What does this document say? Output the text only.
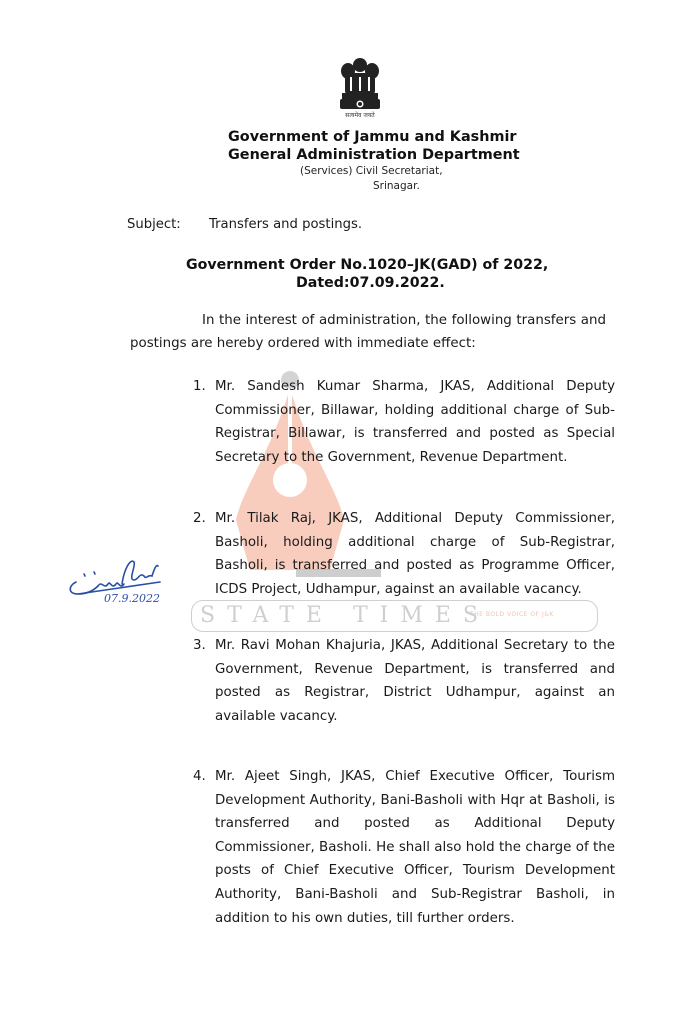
STATE TIMES
THE BOLD VOICE OF J&K
सत्यमेव जयते
Government of Jammu and Kashmir
General Administration Department
(Services) Civil Secretariat,
Srinagar.
Subject: Transfers and postings.
Government Order No.1020–JK(GAD) of 2022,
Dated:07.09.2022.
In the interest of administration, the following transfers and postings are hereby ordered with immediate effect:
1. Mr. Sandesh Kumar Sharma, JKAS, Additional Deputy Commissioner, Billawar, holding additional charge of Sub-Registrar, Billawar, is transferred and posted as Special Secretary to the Government, Revenue Department.
2. Mr. Tilak Raj, JKAS, Additional Deputy Commissioner, Basholi, holding additional charge of Sub-Registrar, Basholi, is transferred and posted as Programme Officer, ICDS Project, Udhampur, against an available vacancy.
3. Mr. Ravi Mohan Khajuria, JKAS, Additional Secretary to the Government, Revenue Department, is transferred and posted as Registrar, District Udhampur, against an available vacancy.
4. Mr. Ajeet Singh, JKAS, Chief Executive Officer, Tourism Development Authority, Bani-Basholi with Hqr at Basholi, is transferred and posted as Additional Deputy Commissioner, Basholi. He shall also hold the charge of the posts of Chief Executive Officer, Tourism Development Authority, Bani-Basholi and Sub-Registrar Basholi, in addition to his own duties, till further orders.
07.9.2022
